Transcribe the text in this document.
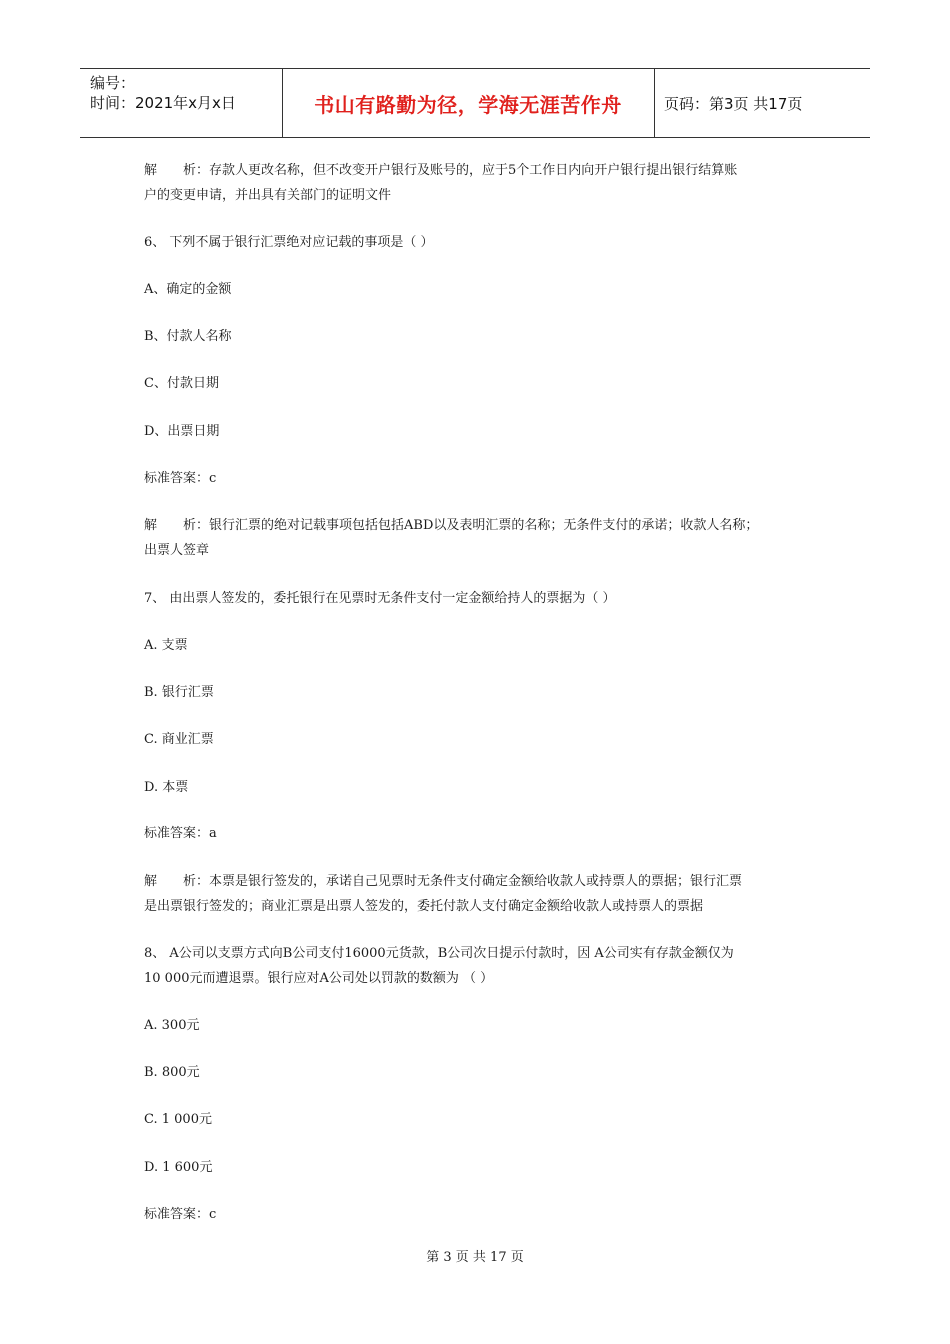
编号：
时间：2021年x月x日	书山有路勤为径，学海无涯苦作舟	页码：第3页 共17页
解　　析：存款人更改名称，但不改变开户银行及账号的，应于5个工作日内向开户银行提出银行结算账
户的变更申请，并出具有关部门的证明文件
6、 下列不属于银行汇票绝对应记载的事项是（ ）
A、确定的金额
B、付款人名称
C、付款日期
D、出票日期
标准答案：c
解　　析：银行汇票的绝对记载事项包括包括ABD以及表明汇票的名称；无条件支付的承诺；收款人名称；
出票人签章
7、 由出票人签发的，委托银行在见票时无条件支付一定金额给持人的票据为（ ）
A. 支票
B. 银行汇票
C. 商业汇票
D. 本票
标准答案：a
解　　析：本票是银行签发的，承诺自己见票时无条件支付确定金额给收款人或持票人的票据；银行汇票
是出票银行签发的；商业汇票是出票人签发的，委托付款人支付确定金额给收款人或持票人的票据
8、 A公司以支票方式向B公司支付16000元货款，B公司次日提示付款时，因 A公司实有存款金额仅为
10 000元而遭退票。银行应对A公司处以罚款的数额为 （ ）
A. 300元
B. 800元
C. 1 000元
D. 1 600元
标准答案：c
第 3 页 共 17 页
